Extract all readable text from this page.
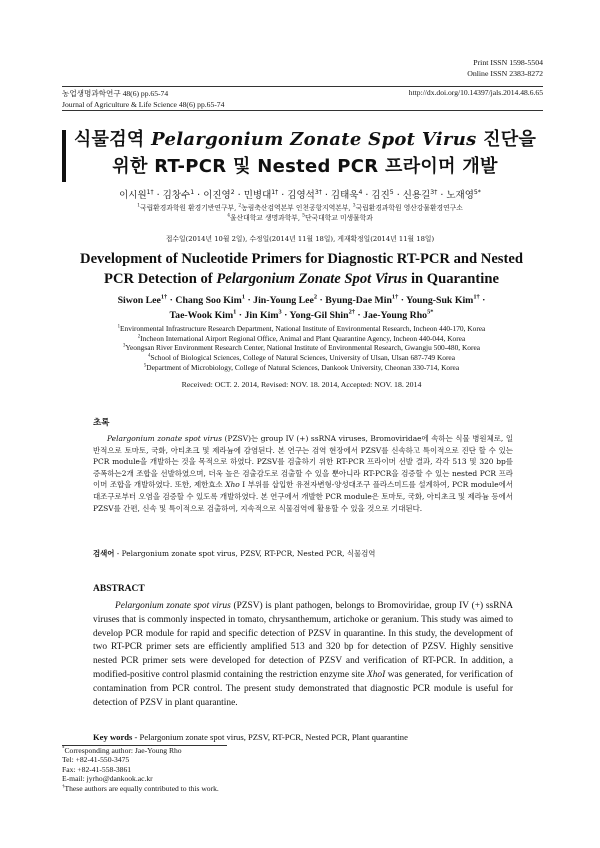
Print ISSN 1598-5504
Online ISSN 2383-8272
농업생명과학연구 48(6) pp.65-74
Journal of Agriculture & Life Science 48(6) pp.65-74
http://dx.doi.org/10.14397/jals.2014.48.6.65
식물검역 Pelargonium Zonate Spot Virus 진단을
위한 RT-PCR 및 Nested PCR 프라이머 개발
이시원$^{1\dagger}$ · 김창수$^1$ · 이진영$^2$ · 민병대$^{1\dagger}$ · 김영석$^{3\dagger}$ · 김태욱$^4$ · 김진$^5$ · 신용길$^{3\dagger}$ · 노재영$^{5*}$
$^1$국립환경과학원 환경기반연구부, $^2$농림축산검역본부 인천공항지역본부, $^3$국립환경과학원 영산강물환경연구소
$^4$울산대학교 생명과학부, $^5$단국대학교 미생물학과
접수일(2014년 10월 2일), 수정일(2014년 11월 18일), 게재확정일(2014년 11월 18일)
Development of Nucleotide Primers for Diagnostic RT-PCR and Nested
PCR Detection of Pelargonium Zonate Spot Virus in Quarantine
Siwon Lee$^{1\dagger}$ · Chang Soo Kim$^1$ · Jin-Young Lee$^2$ · Byung-Dae Min$^{1\dagger}$ · Young-Suk Kim$^{1\dagger}$ ·
Tae-Wook Kim$^1$ · Jin Kim$^3$ · Yong-Gil Shin$^{2\dagger}$ · Jae-Young Rho$^{5*}$
$^1$Environmental Infrastructure Research Department, National Institute of Environmental Research, Incheon 440-170, Korea
$^2$Incheon International Airport Regional Office, Animal and Plant Quarantine Agency, Incheon 440-044, Korea
$^3$Yeongsan River Environment Research Center, National Institute of Environmental Research, Gwangju 500-480, Korea
$^4$School of Biological Sciences, College of Natural Sciences, University of Ulsan, Ulsan 687-749 Korea
$^5$Department of Microbiology, College of Natural Sciences, Dankook University, Cheonan 330-714, Korea
Received: OCT. 2. 2014, Revised: NOV. 18. 2014, Accepted: NOV. 18. 2014
초록
Pelargonium zonate spot virus (PZSV)는 group IV (+) ssRNA viruses, Bromoviridae에 속하는 식물 병원체로, 일반적으로 토마토, 국화, 아티초크 및 제라늄에 감염된다. 본 연구는 검역 현장에서 PZSV를 신속하고 특이적으로 진단 할 수 있는 PCR module을 개발하는 것을 목적으로 하였다. PZSV를 검출하기 위한 RT-PCR 프라이머 선발 결과, 각각 513 및 320 bp를 증폭하는2개 조합을 선발하였으며, 더욱 높은 검출감도로 검출할 수 있을 뿐아니라 RT-PCR을 검증할 수 있는 nested PCR 프라이머 조합을 개발하였다. 또한, 제한효소 Xho I 부위를 삽입한 유전자변형-양성대조구 플라스미드를 설계하여, PCR module에서 대조구로부터 오염을 검증할 수 있도록 개발하였다. 본 연구에서 개발한 PCR module은 토마토, 국화, 아티초크 및 제라늄 등에서 PZSV를 간편, 신속 및 특이적으로 검출하여, 지속적으로 식물검역에 활용할 수 있을 것으로 기대된다.
검색어 - Pelargonium zonate spot virus, PZSV, RT-PCR, Nested PCR, 식물검역
ABSTRACT
Pelargonium zonate spot virus (PZSV) is plant pathogen, belongs to Bromoviridae, group IV (+) ssRNA viruses that is commonly inspected in tomato, chrysanthemum, artichoke or geranium. This study was aimed to develop PCR module for rapid and specific detection of PZSV in quarantine. In this study, the development of two RT-PCR primer sets are efficiently amplified 513 and 320 bp for detection of PZSV. Highly sensitive nested PCR primer sets were developed for detection of PZSV and verification of RT-PCR. In addition, a modified-positive control plasmid containing the restriction enzyme site XhoI was generated, for verification of contamination from PCR control. The present study demonstrated that diagnostic PCR module is useful for detection of PZSV in plant quarantine.
Key words - Pelargonium zonate spot virus, PZSV, RT-PCR, Nested PCR, Plant quarantine
*Corresponding author: Jae-Young Rho
Tel: +82-41-550-3475
Fax: +82-41-558-3861
E-mail: jyrho@dankook.ac.kr
†These authors are equally contributed to this work.
